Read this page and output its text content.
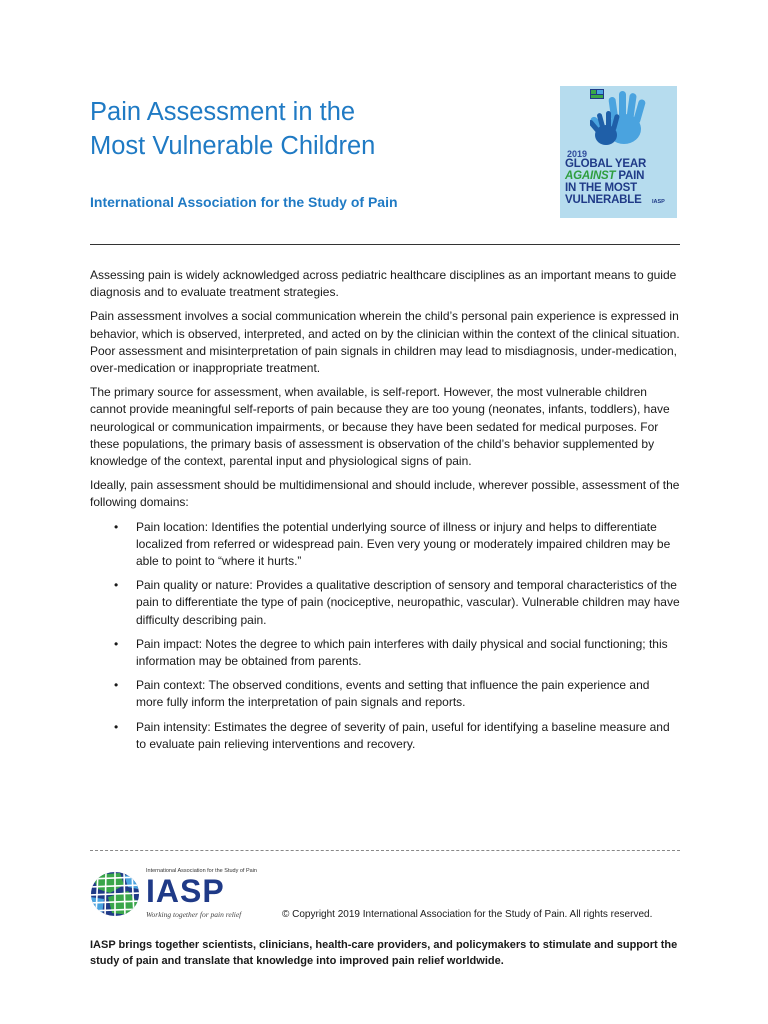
Pain Assessment in the
Most Vulnerable Children
International Association for the Study of Pain
2019
GLOBAL YEAR
AGAINST PAIN
IN THE MOST
VULNERABLE IASP

Assessing pain is widely acknowledged across pediatric healthcare disciplines as an important means to guide diagnosis and to evaluate treatment strategies.

Pain assessment involves a social communication wherein the child’s personal pain experience is expressed in behavior, which is observed, interpreted, and acted on by the clinician within the context of the clinical situation. Poor assessment and misinterpretation of pain signals in children may lead to misdiagnosis, under-medication, over-medication or inappropriate treatment.

The primary source for assessment, when available, is self-report. However, the most vulnerable children cannot provide meaningful self-reports of pain because they are too young (neonates, infants, toddlers), have neurological or communication impairments, or because they have been sedated for medical purposes. For these populations, the primary basis of assessment is observation of the child’s behavior supplemented by knowledge of the context, parental input and physiological signs of pain.

Ideally, pain assessment should be multidimensional and should include, wherever possible, assessment of the following domains:

• Pain location: Identifies the potential underlying source of illness or injury and helps to differentiate localized from referred or widespread pain. Even very young or moderately impaired children may be able to point to “where it hurts.”
• Pain quality or nature: Provides a qualitative description of sensory and temporal characteristics of the pain to differentiate the type of pain (nociceptive, neuropathic, vascular). Vulnerable children may have difficulty describing pain.
• Pain impact: Notes the degree to which pain interferes with daily physical and social functioning; this information may be obtained from parents.
• Pain context: The observed conditions, events and setting that influence the pain experience and more fully inform the interpretation of pain signals and reports.
• Pain intensity: Estimates the degree of severity of pain, useful for identifying a baseline measure and to evaluate pain relieving interventions and recovery.
International Association for the Study of Pain
IASP
Working together for pain relief	© Copyright 2019 International Association for the Study of Pain. All rights reserved.
IASP brings together scientists, clinicians, health-care providers, and policymakers to stimulate and support the study of pain and translate that knowledge into improved pain relief worldwide.
